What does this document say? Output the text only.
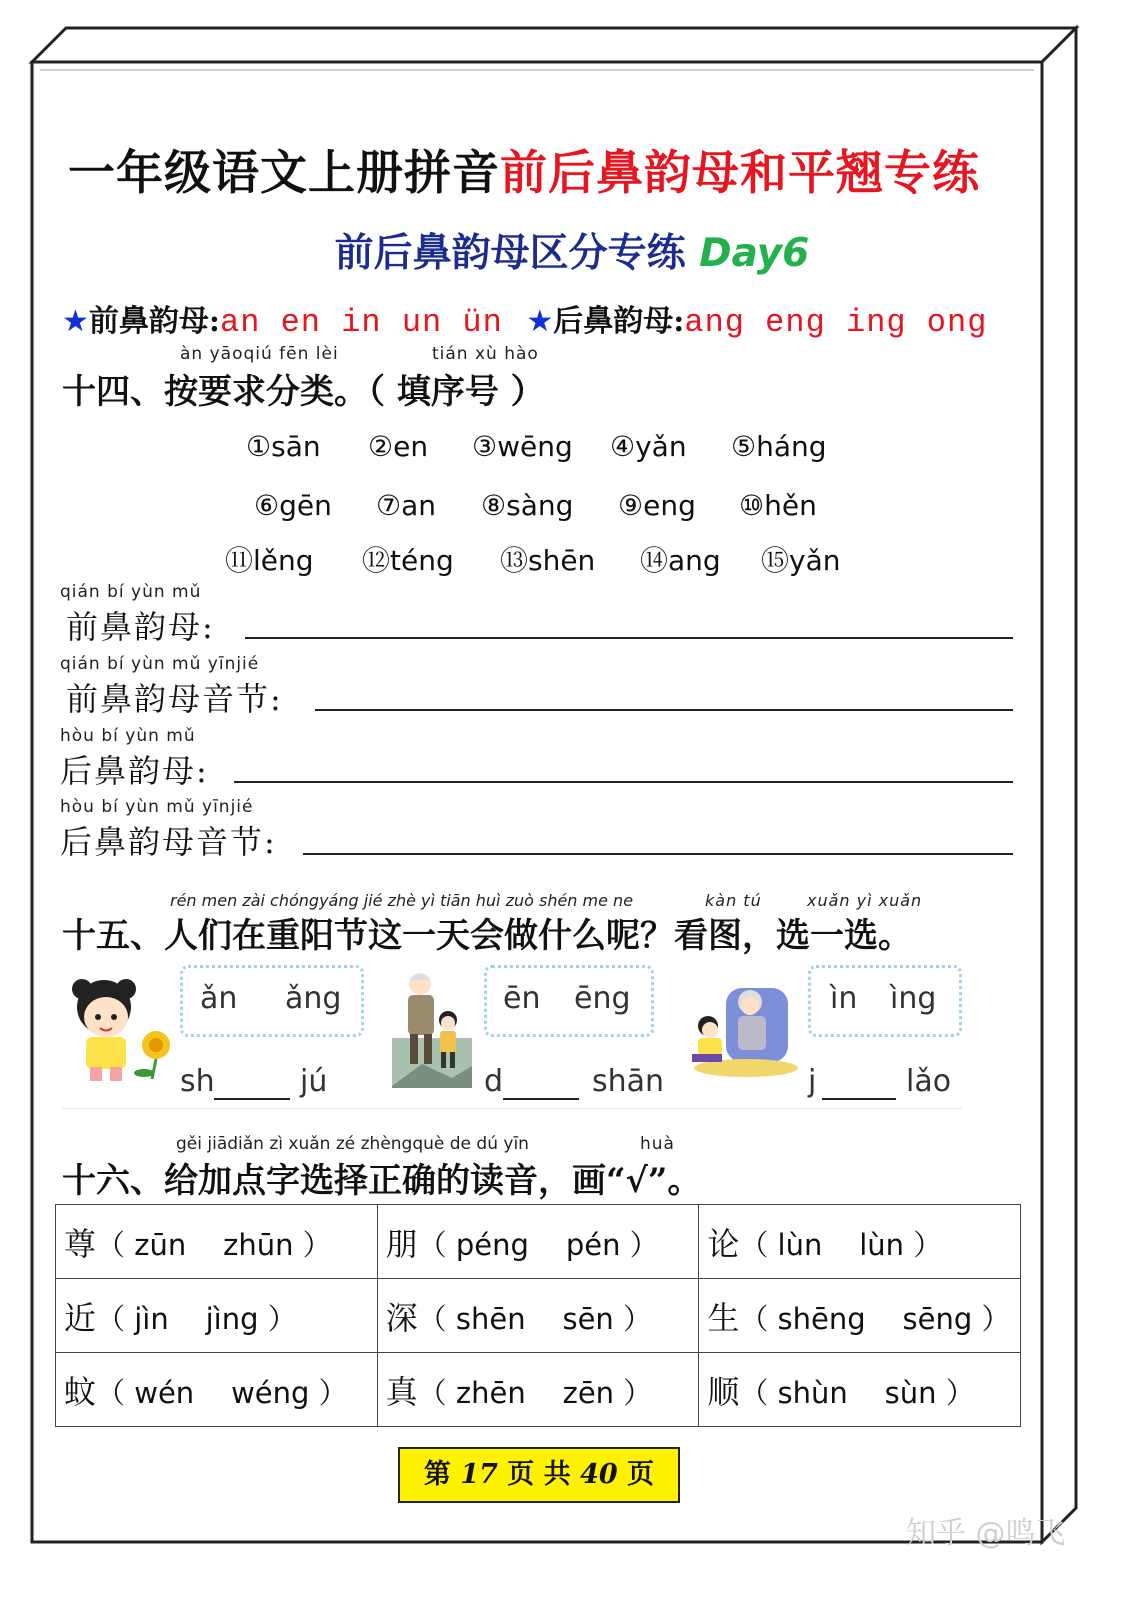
一年级语文上册拼音前后鼻韵母和平翘专练
前后鼻韵母区分专练 Day6
★前鼻韵母:an en in un ün ★后鼻韵母:ang eng ing ong
àn yāoqiú fēn lèi	tián xù hào
十四、按要求分类。（ 填序号 ）
①sān ②en ③wēng ④yǎn ⑤háng
⑥gēn ⑦an ⑧sàng ⑨eng ⑩hěn
⑪lěng ⑫téng ⑬shēn ⑭ang ⑮yǎn
qián bí yùn mǔ
前鼻韵母:
qián bí yùn mǔ yīnjié
前鼻韵母音节:
hòu bí yùn mǔ
后鼻韵母:
hòu bí yùn mǔ yīnjié
后鼻韵母音节:
rén men zài chóngyáng jié zhè yì tiān huì zuò shén me ne	kàn tú	xuǎn yì xuǎn
十五、人们在重阳节这一天会做什么呢？看图，选一选。
ǎn ǎng
sh	jú
ēn ēng
d	shān
ìn ìng
j	lǎo
gěi jiādiǎn zì xuǎn zé zhèngquè de dú yīn	huà
十六、给加点字选择正确的读音，画“√”。
尊（ zūn zhūn ）	朋（ péng pén ）	论（ lùn lùn ）
近（ jìn jìng ）	深（ shēn sēn ）	生（ shēng sēng ）
蚊（ wén wéng ）	真（ zhēn zēn ）	顺（ shùn sùn ）
第 17 页 共 40 页
知乎 @鸣飞
